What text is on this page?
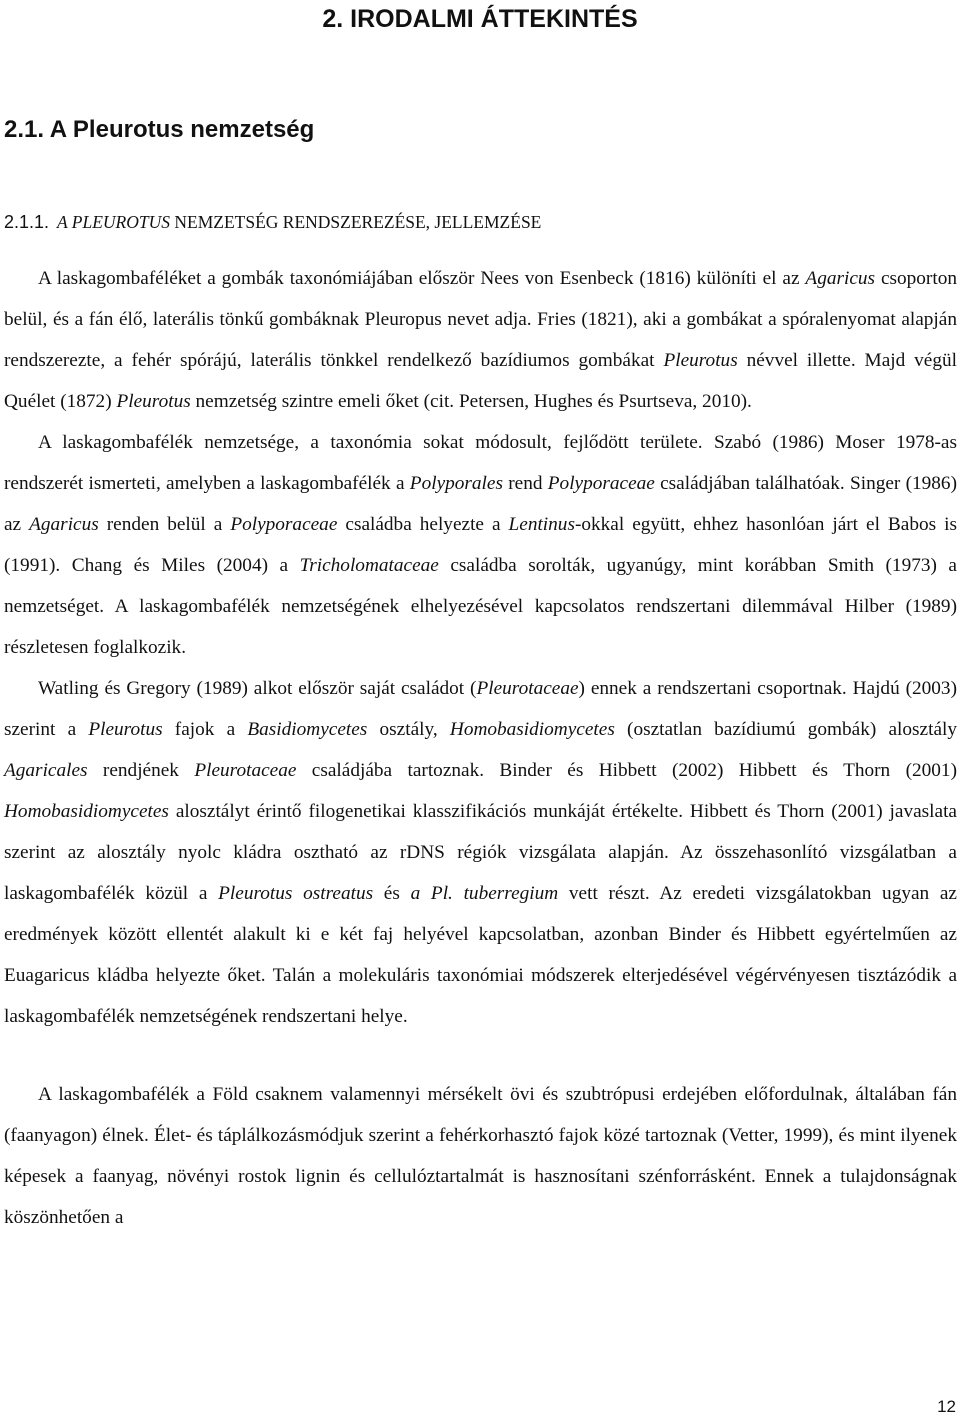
2. IRODALMI ÁTTEKINTÉS
2.1. A Pleurotus nemzetség
2.1.1. A PLEUROTUS NEMZETSÉG RENDSZEREZÉSE, JELLEMZÉSE

A laskagombaféléket a gombák taxonómiájában először Nees von Esenbeck (1816) különíti el az Agaricus csoporton belül, és a fán élő, laterális tönkű gombáknak Pleuropus nevet adja. Fries (1821), aki a gombákat a spóralenyomat alapján rendszerezte, a fehér spórájú, laterális tönkkel rendelkező bazídiumos gombákat Pleurotus névvel illette. Majd végül Quélet (1872) Pleurotus nemzetség szintre emeli őket (cit. Petersen, Hughes és Psurtseva, 2010).

A laskagombafélék nemzetsége, a taxonómia sokat módosult, fejlődött területe. Szabó (1986) Moser 1978-as rendszerét ismerteti, amelyben a laskagombafélék a Polyporales rend Polyporaceae családjában találhatóak. Singer (1986) az Agaricus renden belül a Polyporaceae családba helyezte a Lentinus-okkal együtt, ehhez hasonlóan járt el Babos is (1991). Chang és Miles (2004) a Tricholomataceae családba sorolták, ugyanúgy, mint korábban Smith (1973) a nemzetséget. A laskagombafélék nemzetségének elhelyezésével kapcsolatos rendszertani dilemmával Hilber (1989) részletesen foglalkozik.

Watling és Gregory (1989) alkot először saját családot (Pleurotaceae) ennek a rendszertani csoportnak. Hajdú (2003) szerint a Pleurotus fajok a Basidiomycetes osztály, Homobasidiomycetes (osztatlan bazídiumú gombák) alosztály Agaricales rendjének Pleurotaceae családjába tartoznak. Binder és Hibbett (2002) Hibbett és Thorn (2001) Homobasidiomycetes alosztályt érintő filogenetikai klasszifikációs munkáját értékelte. Hibbett és Thorn (2001) javaslata szerint az alosztály nyolc kládra osztható az rDNS régiók vizsgálata alapján. Az összehasonlító vizsgálatban a laskagombafélék közül a Pleurotus ostreatus és a Pl. tuberregium vett részt. Az eredeti vizsgálatokban ugyan az eredmények között ellentét alakult ki e két faj helyével kapcsolatban, azonban Binder és Hibbett egyértelműen az Euagaricus kládba helyezte őket. Talán a molekuláris taxonómiai módszerek elterjedésével végérvényesen tisztázódik a laskagombafélék nemzetségének rendszertani helye.

A laskagombafélék a Föld csaknem valamennyi mérsékelt övi és szubtrópusi erdejében előfordulnak, általában fán (faanyagon) élnek. Élet- és táplálkozásmódjuk szerint a fehérkorhasztó fajok közé tartoznak (Vetter, 1999), és mint ilyenek képesek a faanyag, növényi rostok lignin és cellulóztartalmát is hasznosítani szénforrásként. Ennek a tulajdonságnak köszönhetően a

12
